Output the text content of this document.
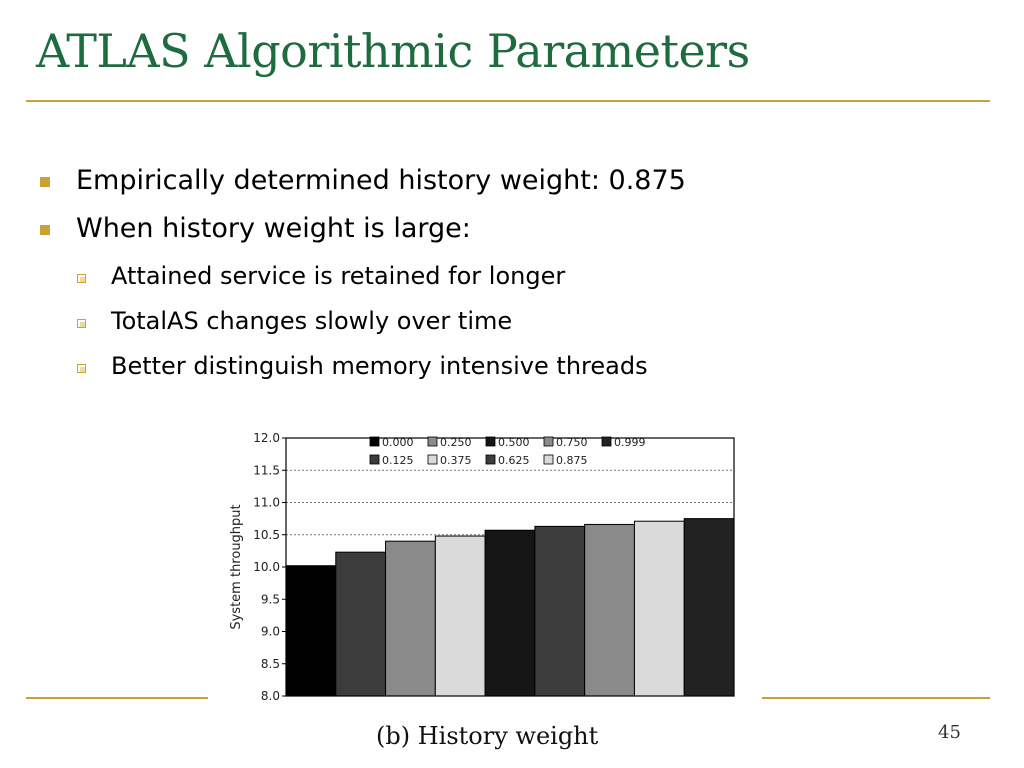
ATLAS Algorithmic Parameters
Empirically determined history weight: 0.875
When history weight is large:
Attained service is retained for longer
TotalAS changes slowly over time
Better distinguish memory intensive threads
12.0
11.5
11.0
10.5
10.0
9.5
9.0
8.5
8.0
System throughput
0.000 0.250 0.500 0.750 0.999
0.125 0.375 0.625 0.875
(b) History weight	45
